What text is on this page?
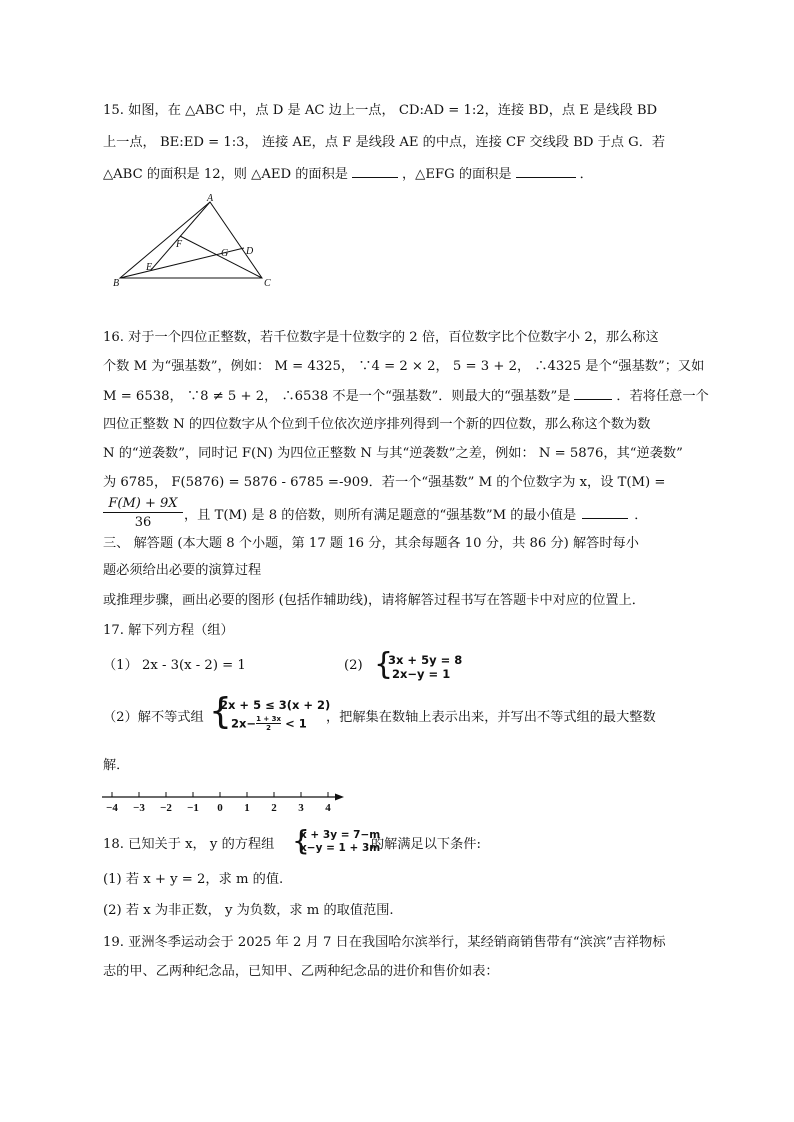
15. 如图，在 △ABC 中，点 D 是 AC 边上一点， CD:AD = 1:2，连接 BD，点 E 是线段 BD
上一点， BE:ED = 1:3， 连接 AE，点 F 是线段 AE 的中点，连接 CF 交线段 BD 于点 G．若
△ABC 的面积是 12，则 △AED 的面积是	，△EFG 的面积是	．
A
B	C
D
E
F
G
16. 对于一个四位正整数，若千位数字是十位数字的 2 倍，百位数字比个位数字小 2，那么称这
个数 M 为“强基数”，例如： M = 4325， ∵4 = 2 × 2， 5 = 3 + 2， ∴4325 是个“强基数”；又如
M = 6538， ∵8 ≠ 5 + 2， ∴6538 不是一个“强基数”．则最大的“强基数”是	．若将任意一个
四位正整数 N 的四位数字从个位到千位依次逆序排列得到一个新的四位数，那么称这个数为数
N 的“逆袭数”，同时记 F(N) 为四位正整数 N 与其“逆袭数”之差，例如： N = 5876，其“逆袭数”
为 6785， F(5876) = 5876 - 6785 =-909．若一个“强基数” M 的个位数字为 x，设 T(M) =
$\frac{F(M) + 9X}{36}$ ，且 T(M) 是 8 的倍数，则所有满足题意的“强基数”M 的最小值是	．
三、 解答题 (本大题 8 个小题，第 17 题 16 分，其余每题各 10 分，共 86 分) 解答时每小
题必须给出必要的演算过程
或推理步骤，画出必要的图形 (包括作辅助线)，请将解答过程书写在答题卡中对应的位置上．
17. 解下列方程（组）
（1） 2x - 3(x - 2) = 1	(2) {
3x + 5y = 8
2x−y = 1
（2）解不等式组 {
2x + 5 ≤ 3(x + 2)
$2x- \frac{1 + 3x}{2} < 1$	，把解集在数轴上表示出来，并写出不等式组的最大整数
解．
−4 −3 −2 −1 0 1 2 3 4
18. 已知关于 x， y 的方程组 {
x + 3y = 7−m
x−y = 1 + 3m
的解满足以下条件:
(1) 若 x + y = 2，求 m 的值.
(2) 若 x 为非正数， y 为负数，求 m 的取值范围.
19. 亚洲冬季运动会于 2025 年 2 月 7 日在我国哈尔滨举行，某经销商销售带有“滨滨”吉祥物标
志的甲、乙两种纪念品，已知甲、乙两种纪念品的进价和售价如表：
